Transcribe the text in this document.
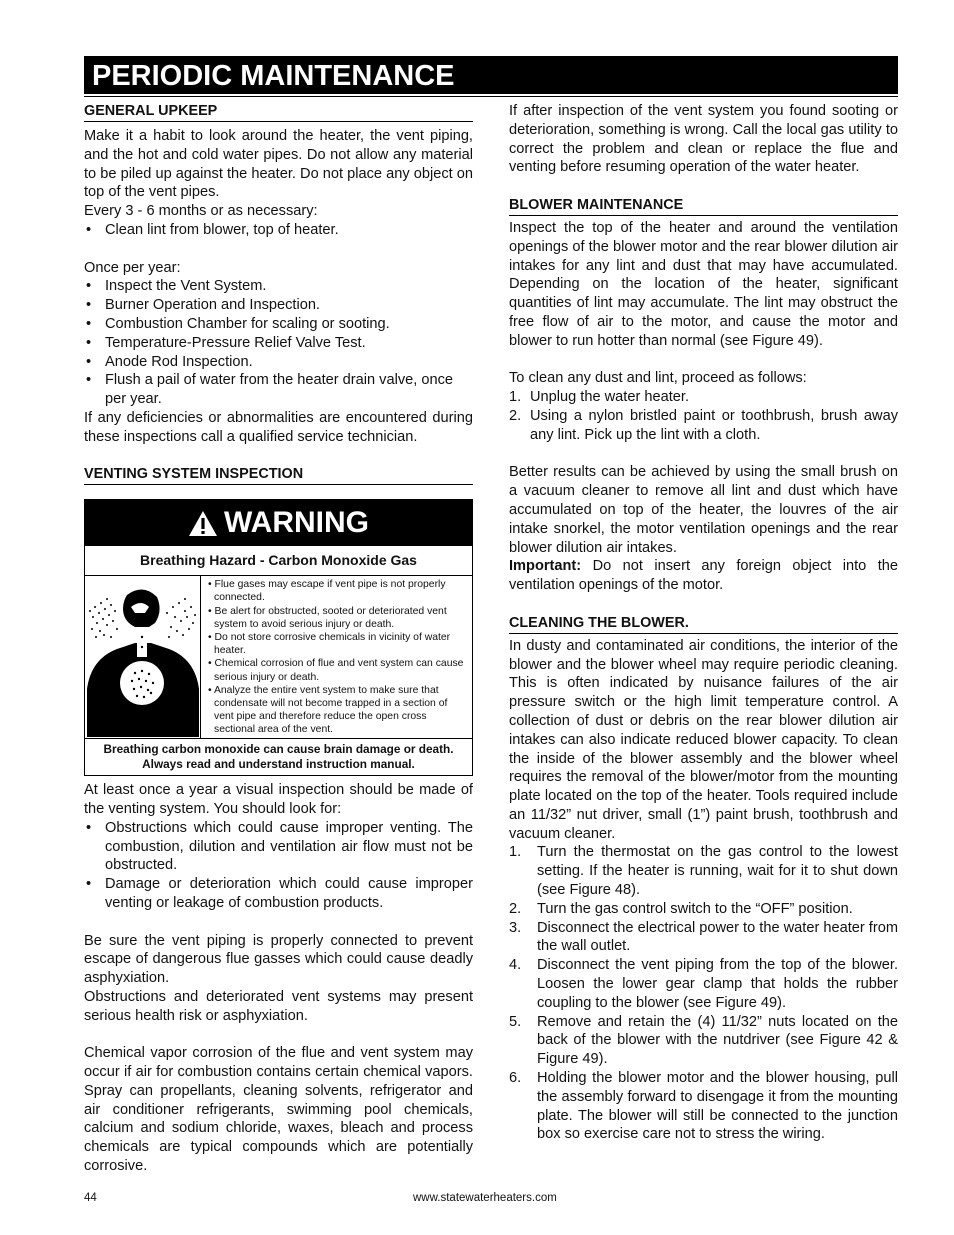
PERIODIC MAINTENANCE
GENERAL UPKEEP

Make it a habit to look around the heater, the vent piping, and the hot and cold water pipes. Do not allow any material to be piled up against the heater. Do not place any object on top of the vent pipes.

Every 3 - 6 months or as necessary:

• Clean lint from blower, top of heater.

Once per year:

• Inspect the Vent System.
• Burner Operation and Inspection.
• Combustion Chamber for scaling or sooting.
• Temperature-Pressure Relief Valve Test.
• Anode Rod Inspection.
• Flush a pail of water from the heater drain valve, once per year.

If any deficiencies or abnormalities are encountered during these inspections call a qualified service technician.

VENTING SYSTEM INSPECTION
WARNING
Breathing Hazard - Carbon Monoxide Gas
• Flue gases may escape if vent pipe is not properly connected.
• Be alert for obstructed, sooted or deteriorated vent system to avoid serious injury or death.
• Do not store corrosive chemicals in vicinity of water heater.
• Chemical corrosion of flue and vent system can cause serious injury or death.
• Analyze the entire vent system to make sure that condensate will not become trapped in a section of vent pipe and therefore reduce the open cross sectional area of the vent.
Breathing carbon monoxide can cause brain damage or death.
Always read and understand instruction manual.

At least once a year a visual inspection should be made of the venting system. You should look for:

• Obstructions which could cause improper venting. The combustion, dilution and ventilation air flow must not be obstructed.
• Damage or deterioration which could cause improper venting or leakage of combustion products.

Be sure the vent piping is properly connected to prevent escape of dangerous flue gasses which could cause deadly asphyxiation.

Obstructions and deteriorated vent systems may present serious health risk or asphyxiation.

Chemical vapor corrosion of the flue and vent system may occur if air for combustion contains certain chemical vapors. Spray can propellants, cleaning solvents, refrigerator and air conditioner refrigerants, swimming pool chemicals, calcium and sodium chloride, waxes, bleach and process chemicals are typical compounds which are potentially corrosive.

If after inspection of the vent system you found sooting or deterioration, something is wrong. Call the local gas utility to correct the problem and clean or replace the flue and venting before resuming operation of the water heater.

BLOWER MAINTENANCE

Inspect the top of the heater and around the ventilation openings of the blower motor and the rear blower dilution air intakes for any lint and dust that may have accumulated. Depending on the location of the heater, significant quantities of lint may accumulate. The lint may obstruct the free flow of air to the motor, and cause the motor and blower to run hotter than normal (see Figure 49).

To clean any dust and lint, proceed as follows:

1. Unplug the water heater.
2. Using a nylon bristled paint or toothbrush, brush away any lint. Pick up the lint with a cloth.

Better results can be achieved by using the small brush on a vacuum cleaner to remove all lint and dust which have accumulated on top of the heater, the louvres of the air intake snorkel, the motor ventilation openings and the rear blower dilution air intakes.

Important: Do not insert any foreign object into the ventilation openings of the motor.

CLEANING THE BLOWER.

In dusty and contaminated air conditions, the interior of the blower and the blower wheel may require periodic cleaning. This is often indicated by nuisance failures of the air pressure switch or the high limit temperature control. A collection of dust or debris on the rear blower dilution air intakes can also indicate reduced blower capacity. To clean the inside of the blower assembly and the blower wheel requires the removal of the blower/motor from the mounting plate located on the top of the heater. Tools required include an 11/32” nut driver, small (1”) paint brush, toothbrush and vacuum cleaner.

1. Turn the thermostat on the gas control to the lowest setting. If the heater is running, wait for it to shut down (see Figure 48).
2. Turn the gas control switch to the “OFF” position.
3. Disconnect the electrical power to the water heater from the wall outlet.
4. Disconnect the vent piping from the top of the blower. Loosen the lower gear clamp that holds the rubber coupling to the blower (see Figure 49).
5. Remove and retain the (4) 11/32” nuts located on the back of the blower with the nutdriver (see Figure 42 & Figure 49).
6. Holding the blower motor and the blower housing, pull the assembly forward to disengage it from the mounting plate. The blower will still be connected to the junction box so exercise care not to stress the wiring.
44	www.statewaterheaters.com
